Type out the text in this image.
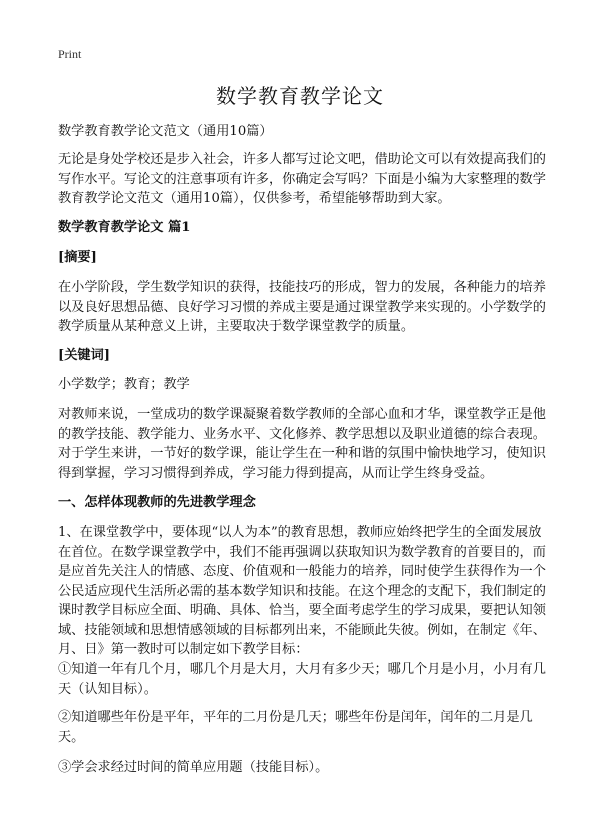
Print
数学教育教学论文

数学教育教学论文范文（通用10篇）

无论是身处学校还是步入社会，许多人都写过论文吧，借助论文可以有效提高我们的写作水平。写论文的注意事项有许多，你确定会写吗？下面是小编为大家整理的数学教育教学论文范文（通用10篇），仅供参考，希望能够帮助到大家。

数学教育教学论文 篇1

[摘要]

在小学阶段，学生数学知识的获得，技能技巧的形成，智力的发展，各种能力的培养以及良好思想品德、良好学习习惯的养成主要是通过课堂教学来实现的。小学数学的教学质量从某种意义上讲，主要取决于数学课堂教学的质量。

[关键词]

小学数学；教育；教学

对教师来说，一堂成功的数学课凝聚着数学教师的全部心血和才华，课堂教学正是他的教学技能、教学能力、业务水平、文化修养、教学思想以及职业道德的综合表现。对于学生来讲，一节好的数学课，能让学生在一种和谐的氛围中愉快地学习，使知识得到掌握，学习习惯得到养成，学习能力得到提高，从而让学生终身受益。

一、怎样体现教师的先进教学理念

1、在课堂教学中，要体现“以人为本”的教育思想，教师应始终把学生的全面发展放在首位。在数学课堂教学中，我们不能再强调以获取知识为数学教育的首要目的，而是应首先关注人的情感、态度、价值观和一般能力的培养，同时使学生获得作为一个公民适应现代生活所必需的基本数学知识和技能。在这个理念的支配下，我们制定的课时教学目标应全面、明确、具体、恰当，要全面考虑学生的学习成果，要把认知领域、技能领域和思想情感领域的目标都列出来，不能顾此失彼。例如，在制定《年、月、日》第一教时可以制定如下教学目标：

①知道一年有几个月，哪几个月是大月，大月有多少天；哪几个月是小月，小月有几天（认知目标）。

②知道哪些年份是平年，平年的二月份是几天；哪些年份是闰年，闰年的二月是几天。

③学会求经过时间的简单应用题（技能目标）。
